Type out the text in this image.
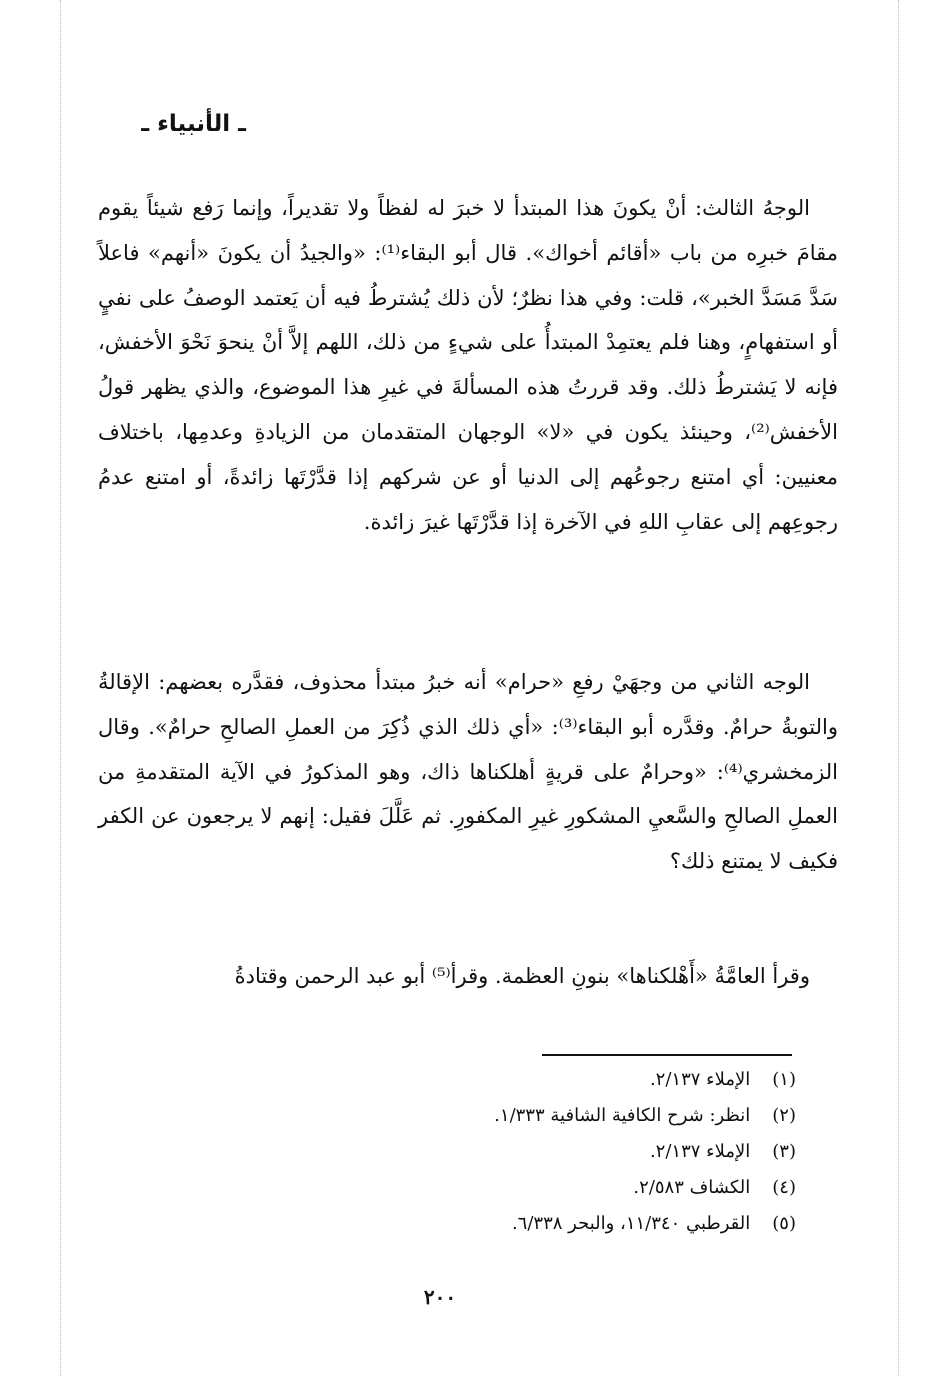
ـ الأنبياء ـ

الوجهُ الثالث: أنْ يكونَ هذا المبتدأ لا خبرَ له لفظاً ولا تقديراً، وإنما رَفع شيئاً يقوم مقامَ خبرِه من باب «أقائم أخواك». قال أبو البقاء⁽¹⁾: «والجيدُ أن يكونَ «أنهم» فاعلاً سَدَّ مَسَدَّ الخبر»، قلت: وفي هذا نظرٌ؛ لأن ذلك يُشترطُ فيه أن يَعتمد الوصفُ على نفيٍ أو استفهامٍ، وهنا فلم يعتمِدْ المبتدأُ على شيءٍ من ذلك، اللهم إلاَّ أنْ ينحوَ نَحْوَ الأخفش، فإنه لا يَشترطُ ذلك. وقد قررتُ هذه المسألةَ في غيرِ هذا الموضوع، والذي يظهر قولُ الأخفش⁽²⁾، وحينئذ يكون في «لا» الوجهان المتقدمان من الزيادةِ وعدمِها، باختلاف معنيين: أي امتنع رجوعُهم إلى الدنيا أو عن شركهم إذا قدَّرْتَها زائدةً، أو امتنع عدمُ رجوعِهم إلى عقابِ اللهِ في الآخرة إذا قدَّرْتَها غيرَ زائدة.

الوجه الثاني من وجهَيْ رفعِ «حرام» أنه خبرُ مبتدأ محذوف، فقدَّره بعضهم: الإقالةُ والتوبةُ حرامٌ. وقدَّره أبو البقاء⁽³⁾: «أي ذلك الذي ذُكِرَ من العملِ الصالحِ حرامٌ». وقال الزمخشري⁽⁴⁾: «وحرامٌ على قريةٍ أهلكناها ذاك، وهو المذكورُ في الآية المتقدمةِ من العملِ الصالحِ والسَّعيِ المشكورِ غيرِ المكفورِ. ثم عَلَّلَ فقيل: إنهم لا يرجعون عن الكفر فكيف لا يمتنع ذلك؟

وقرأ العامَّةُ «أَهْلكناها» بنونِ العظمة. وقرأ⁽⁵⁾ أبو عبد الرحمن وقتادةُ

(١) الإملاء ٢/١٣٧.
(٢) انظر: شرح الكافية الشافية ١/٣٣٣.
(٣) الإملاء ٢/١٣٧.
(٤) الكشاف ٢/٥٨٣.
(٥) القرطبي ١١/٣٤٠، والبحر ٦/٣٣٨.
٢٠٠
